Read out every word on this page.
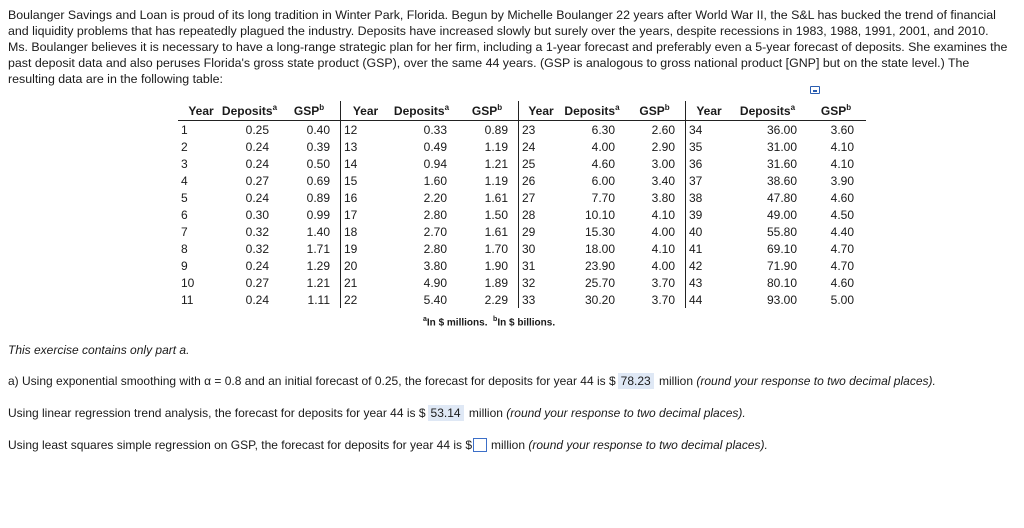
Boulanger Savings and Loan is proud of its long tradition in Winter Park, Florida. Begun by Michelle Boulanger 22 years after World War II, the S&L has bucked the trend of financial and liquidity problems that has repeatedly plagued the industry. Deposits have increased slowly but surely over the years, despite recessions in 1983, 1988, 1991, 2001, and 2010. Ms. Boulanger believes it is necessary to have a long-range strategic plan for her firm, including a 1-year forecast and preferably even a 5-year forecast of deposits. She examines the past deposit data and also peruses Florida's gross state product (GSP), over the same 44 years. (GSP is analogous to gross national product [GNP] but on the state level.) The resulting data are in the following table:

Year	Deposits$^a$	GSP$^b$	Year	Deposits$^a$	GSP$^b$	Year	Deposits$^a$	GSP$^b$	Year	Deposits$^a$	GSP$^b$
1	0.25	0.40	12	0.33	0.89	23	6.30	2.60	34	36.00	3.60
2	0.24	0.39	13	0.49	1.19	24	4.00	2.90	35	31.00	4.10
3	0.24	0.50	14	0.94	1.21	25	4.60	3.00	36	31.60	4.10
4	0.27	0.69	15	1.60	1.19	26	6.00	3.40	37	38.60	3.90
5	0.24	0.89	16	2.20	1.61	27	7.70	3.80	38	47.80	4.60
6	0.30	0.99	17	2.80	1.50	28	10.10	4.10	39	49.00	4.50
7	0.32	1.40	18	2.70	1.61	29	15.30	4.00	40	55.80	4.40
8	0.32	1.71	19	2.80	1.70	30	18.00	4.10	41	69.10	4.70
9	0.24	1.29	20	3.80	1.90	31	23.90	4.00	42	71.90	4.70
10	0.27	1.21	21	4.90	1.89	32	25.70	3.70	43	80.10	4.60
11	0.24	1.11	22	5.40	2.29	33	30.20	3.70	44	93.00	5.00
$^a$In $ millions. $^b$In $ billions.
This exercise contains only part a.
a) Using exponential smoothing with α = 0.8 and an initial forecast of 0.25, the forecast for deposits for year 44 is $ 78.23 million (round your response to two decimal places).
Using linear regression trend analysis, the forecast for deposits for year 44 is $ 53.14 million (round your response to two decimal places).
Using least squares simple regression on GSP, the forecast for deposits for year 44 is $ million (round your response to two decimal places).
